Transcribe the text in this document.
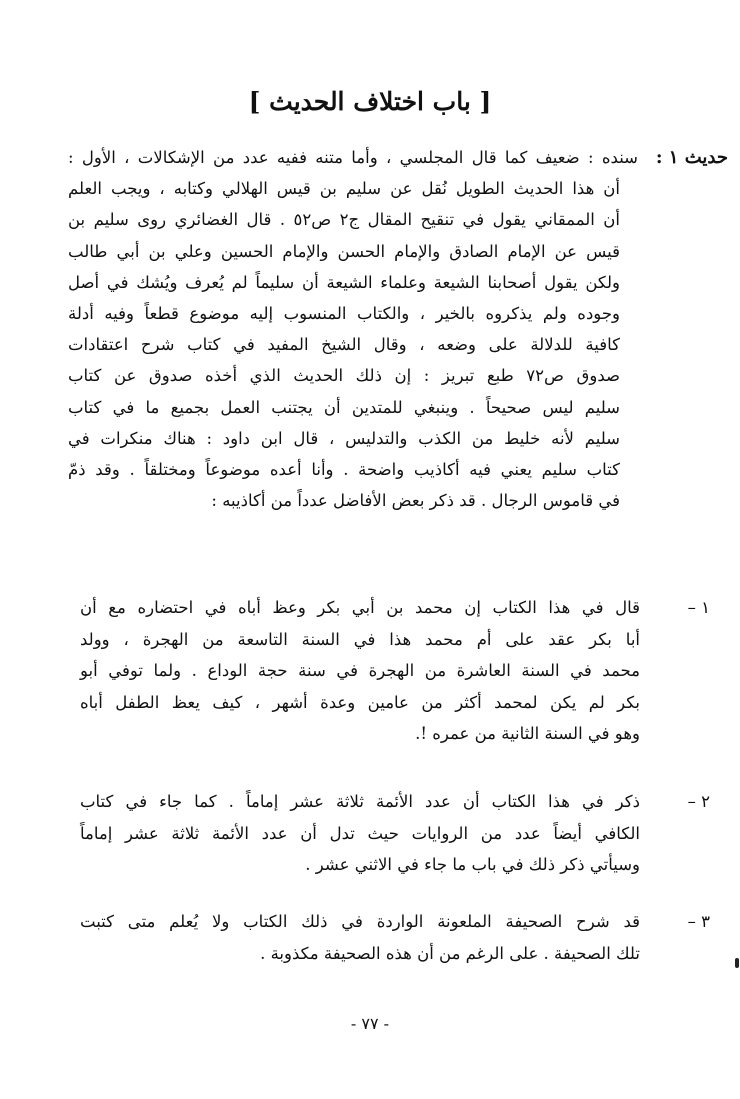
[ باب اختلاف الحديث ]
حديث ١ :
سنده : ضعيف كما قال المجلسي ، وأما متنه ففيه عدد من الإشكالات ، الأول :
أن هذا الحديث الطويل نُقل عن سليم بن قيس الهلالي وكتابه ، ويجب العلم
أن الممقاني يقول في تنقيح المقال ج٢ ص٥٢ . قال الغضائري روى سليم بن
قيس عن الإمام الصادق والإمام الحسن والإمام الحسين وعلي بن أبي طالب
ولكن يقول أصحابنا الشيعة وعلماء الشيعة أن سليماً لم يُعرف ويُشك في أصل
وجوده ولم يذكروه بالخير ، والكتاب المنسوب إليه موضوع قطعاً وفيه أدلة
كافية للدلالة على وضعه ، وقال الشيخ المفيد في كتاب شرح اعتقادات
صدوق ص٧٢ طبع تبريز : إن ذلك الحديث الذي أخذه صدوق عن كتاب
سليم ليس صحيحاً . وينبغي للمتدين أن يجتنب العمل بجميع ما في كتاب
سليم لأنه خليط من الكذب والتدليس ، قال ابن داود : هناك منكرات في
كتاب سليم يعني فيه أكاذيب واضحة . وأنا أعده موضوعاً ومختلقاً . وقد ذمّ
في قاموس الرجال . قد ذكر بعض الأفاضل عدداً من أكاذيبه :
١ –
قال في هذا الكتاب إن محمد بن أبي بكر وعظ أباه في احتضاره مع أن
أبا بكر عقد على أم محمد هذا في السنة التاسعة من الهجرة ، وولد
محمد في السنة العاشرة من الهجرة في سنة حجة الوداع . ولما توفي أبو
بكر لم يكن لمحمد أكثر من عامين وعدة أشهر ، كيف يعظ الطفل أباه
وهو في السنة الثانية من عمره !.
٢ –
ذكر في هذا الكتاب أن عدد الأئمة ثلاثة عشر إماماً . كما جاء في كتاب
الكافي أيضاً عدد من الروايات حيث تدل أن عدد الأئمة ثلاثة عشر إماماً
وسيأتي ذكر ذلك في باب ما جاء في الاثني عشر .
٣ –
قد شرح الصحيفة الملعونة الواردة في ذلك الكتاب ولا يُعلم متى كتبت
تلك الصحيفة . على الرغم من أن هذه الصحيفة مكذوبة .
- ٧٧ -
